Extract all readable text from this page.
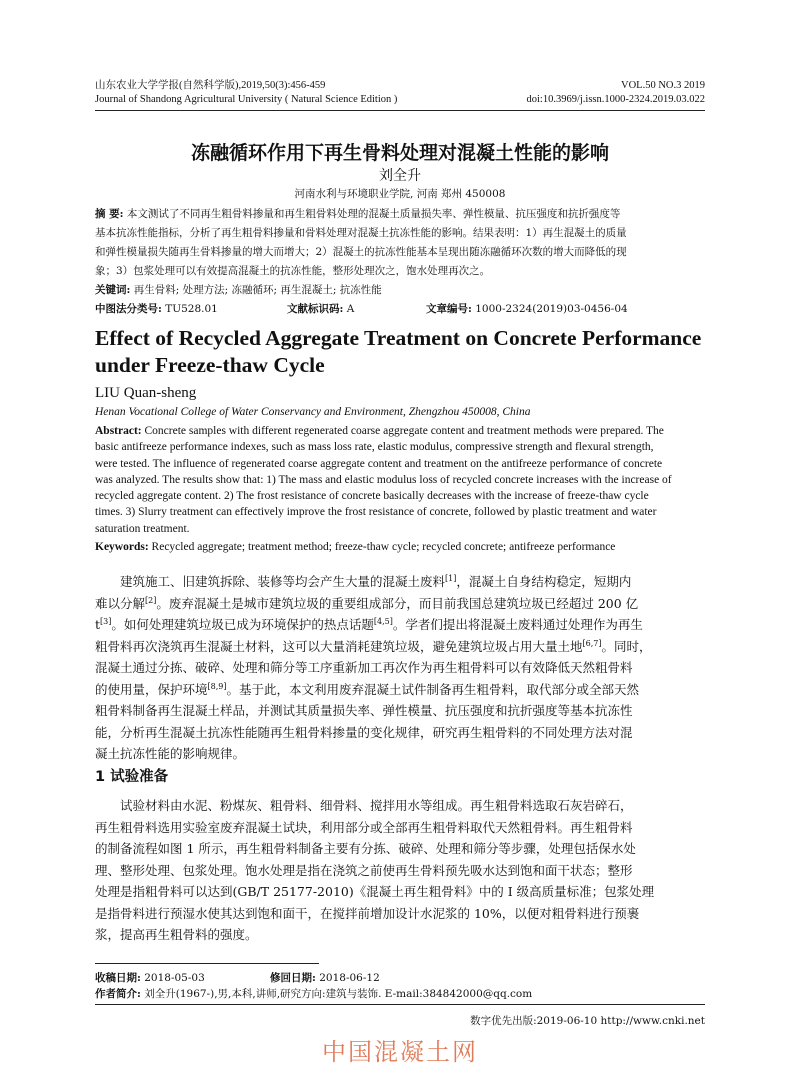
山东农业大学学报(自然科学版),2019,50(3):456-459	VOL.50 NO.3 2019
Journal of Shandong Agricultural University ( Natural Science Edition )	doi:10.3969/j.issn.1000-2324.2019.03.022
冻融循环作用下再生骨料处理对混凝土性能的影响
刘全升
河南水利与环境职业学院, 河南 郑州 450008
摘 要: 本文测试了不同再生粗骨料掺量和再生粗骨料处理的混凝土质量损失率、弹性模量、抗压强度和抗折强度等
基本抗冻性能指标，分析了再生粗骨料掺量和骨料处理对混凝土抗冻性能的影响。结果表明：1）再生混凝土的质量
和弹性模量损失随再生骨料掺量的增大而增大；2）混凝土的抗冻性能基本呈现出随冻融循环次数的增大而降低的现
象；3）包浆处理可以有效提高混凝土的抗冻性能，整形处理次之，饱水处理再次之。
关键词: 再生骨料; 处理方法; 冻融循环; 再生混凝土; 抗冻性能
中图法分类号: TU528.01	文献标识码: A	文章编号: 1000-2324(2019)03-0456-04
Effect of Recycled Aggregate Treatment on Concrete Performance
under Freeze-thaw Cycle
LIU Quan-sheng
Henan Vocational College of Water Conservancy and Environment, Zhengzhou 450008, China
Abstract: Concrete samples with different regenerated coarse aggregate content and treatment methods were prepared. The
basic antifreeze performance indexes, such as mass loss rate, elastic modulus, compressive strength and flexural strength,
were tested. The influence of regenerated coarse aggregate content and treatment on the antifreeze performance of concrete
was analyzed. The results show that: 1) The mass and elastic modulus loss of recycled concrete increases with the increase of
recycled aggregate content. 2) The frost resistance of concrete basically decreases with the increase of freeze-thaw cycle
times. 3) Slurry treatment can effectively improve the frost resistance of concrete, followed by plastic treatment and water
saturation treatment.
Keywords: Recycled aggregate; treatment method; freeze-thaw cycle; recycled concrete; antifreeze performance
建筑施工、旧建筑拆除、装修等均会产生大量的混凝土废料[1]，混凝土自身结构稳定，短期内
难以分解[2]。废弃混凝土是城市建筑垃圾的重要组成部分，而目前我国总建筑垃圾已经超过 200 亿
t[3]。如何处理建筑垃圾已成为环境保护的热点话题[4,5]。学者们提出将混凝土废料通过处理作为再生
粗骨料再次浇筑再生混凝土材料，这可以大量消耗建筑垃圾，避免建筑垃圾占用大量土地[6,7]。同时，
混凝土通过分拣、破碎、处理和筛分等工序重新加工再次作为再生粗骨料可以有效降低天然粗骨料
的使用量，保护环境[8,9]。基于此，本文利用废弃混凝土试件制备再生粗骨料，取代部分或全部天然
粗骨料制备再生混凝土样品，并测试其质量损失率、弹性模量、抗压强度和抗折强度等基本抗冻性
能，分析再生混凝土抗冻性能随再生粗骨料掺量的变化规律，研究再生粗骨料的不同处理方法对混
凝土抗冻性能的影响规律。
1 试验准备
试验材料由水泥、粉煤灰、粗骨料、细骨料、搅拌用水等组成。再生粗骨料选取石灰岩碎石，
再生粗骨料选用实验室废弃混凝土试块，利用部分或全部再生粗骨料取代天然粗骨料。再生粗骨料
的制备流程如图 1 所示，再生粗骨料制备主要有分拣、破碎、处理和筛分等步骤，处理包括保水处
理、整形处理、包浆处理。饱水处理是指在浇筑之前使再生骨料预先吸水达到饱和面干状态；整形
处理是指粗骨料可以达到(GB/T 25177-2010)《混凝土再生粗骨料》中的 I 级高质量标准；包浆处理
是指骨料进行预湿水使其达到饱和面干，在搅拌前增加设计水泥浆的 10%，以便对粗骨料进行预裹
浆，提高再生粗骨料的强度。
收稿日期: 2018-05-03	修回日期: 2018-06-12
作者简介: 刘全升(1967-),男,本科,讲师,研究方向:建筑与装饰. E-mail:384842000@qq.com
数字优先出版:2019-06-10 http://www.cnki.net
中国混凝土网
